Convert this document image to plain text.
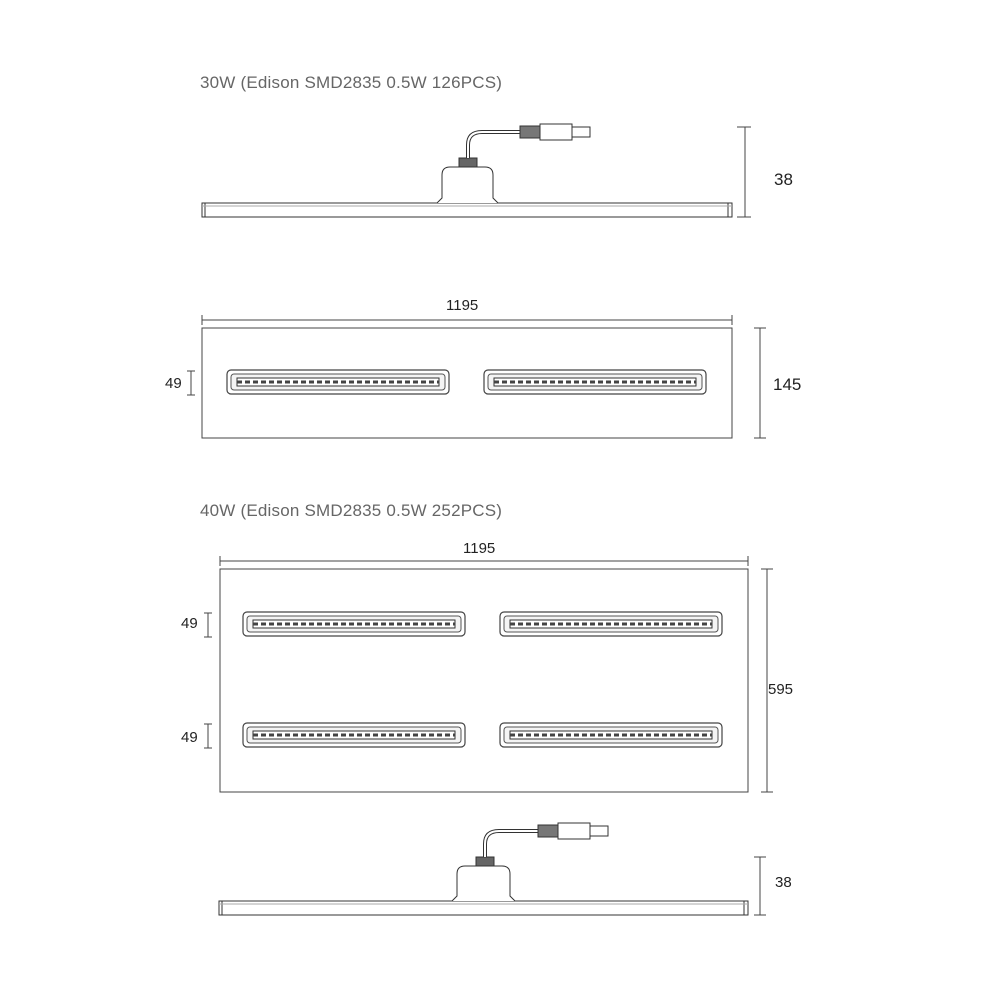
30W (Edison SMD2835 0.5W 126PCS)
40W (Edison SMD2835 0.5W 252PCS)
38
1195
49	145
1195
49
49
595
38
